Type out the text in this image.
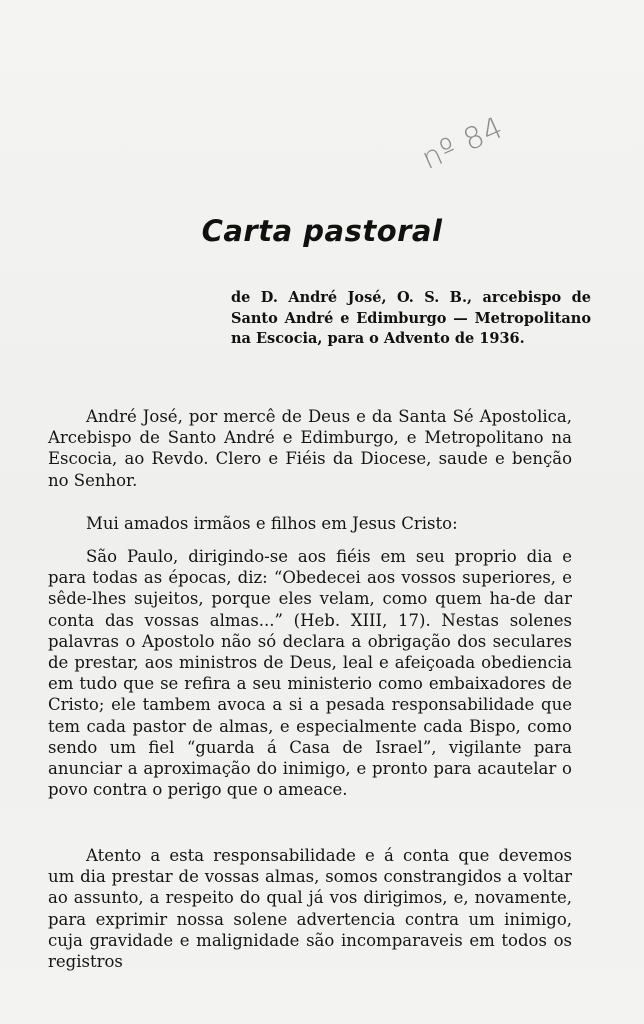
nº 84
Carta pastoral
de D. André José, O. S. B., arcebispo de Santo André e Edimburgo — Metropolitano na Escocia, para o Advento de 1936.

André José, por mercê de Deus e da Santa Sé Apostolica, Arcebispo de Santo André e Edimburgo, e Metropolitano na Escocia, ao Revdo. Clero e Fiéis da Diocese, saude e benção no Senhor.

Mui amados irmãos e filhos em Jesus Cristo:

São Paulo, dirigindo-se aos fiéis em seu proprio dia e para todas as épocas, diz: “Obedecei aos vossos superiores, e sêde-lhes sujeitos, porque eles velam, como quem ha-de dar conta das vossas almas...” (Heb. XIII, 17). Nestas solenes palavras o Apostolo não só declara a obrigação dos seculares de prestar, aos ministros de Deus, leal e afeiçoada obediencia em tudo que se refira a seu ministerio como embaixadores de Cristo; ele tambem avoca a si a pesada responsabilidade que tem cada pastor de almas, e especialmente cada Bispo, como sendo um fiel “guarda á Casa de Israel”, vigilante para anunciar a aproximação do inimigo, e pronto para acautelar o povo contra o perigo que o ameace.

Atento a esta responsabilidade e á conta que devemos um dia prestar de vossas almas, somos constrangidos a voltar ao assunto, a respeito do qual já vos dirigimos, e, novamente, para exprimir nossa solene advertencia contra um inimigo, cuja gravidade e malignidade são incomparaveis em todos os registros
